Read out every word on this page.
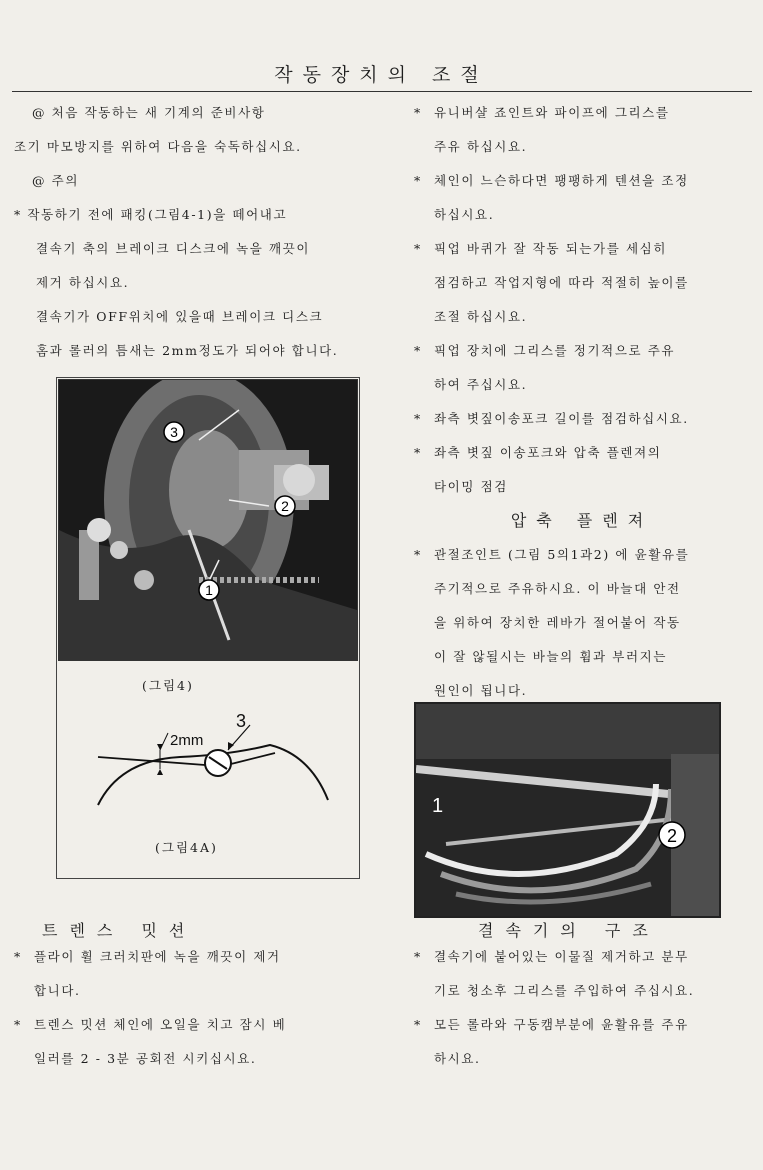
작동장치의 조절
@ 처음 작동하는 새 기계의 준비사항
조기 마모방지를 위하여 다음을 숙독하십시요.
@ 주의
* 작동하기 전에 패킹(그림4-1)을 떼어내고
결속기 축의 브레이크 디스크에 녹을 깨끗이
제거 하십시요.
결속기가 OFF위치에 있을때 브레이크 디스크
홈과 롤러의 틈새는 2mm정도가 되어야 합니다.
* 유니버샬 죠인트와 파이프에 그리스를
주유 하십시요.
* 체인이 느슨하다면 팽팽하게 텐션을 조정
하십시요.
* 픽업 바퀴가 잘 작동 되는가를 세심히
점검하고 작업지형에 따라 적절히 높이를
조절 하십시요.
* 픽업 장치에 그리스를 정기적으로 주유
하여 주십시요.
* 좌측 볏짚이송포크 길이를 점검하십시요.
* 좌측 볏짚 이송포크와 압축 플렌져의
타이밍 점검
압축 플렌져
* 관절조인트 (그림 5의1과2) 에 윤활유를
주기적으로 주유하시요. 이 바늘대 안전
을 위하여 장치한 레바가 절어붙어 작동
이 잘 않될시는 바늘의 휨과 부러지는
원인이 됩니다.
3
2
1
(그림4)
2mm
3
(그림4A)
1
2
트렌스 밋션
* 플라이 휠 크러치판에 녹을 깨끗이 제거
합니다.
* 트렌스 밋션 체인에 오일을 치고 잠시 베
일러를 2 - 3분 공회전 시키십시요.
결속기의 구조
* 결속기에 붙어있는 이물질 제거하고 분무
기로 청소후 그리스를 주입하여 주십시요.
* 모든 롤라와 구동캠부분에 윤활유를 주유
하시요.
